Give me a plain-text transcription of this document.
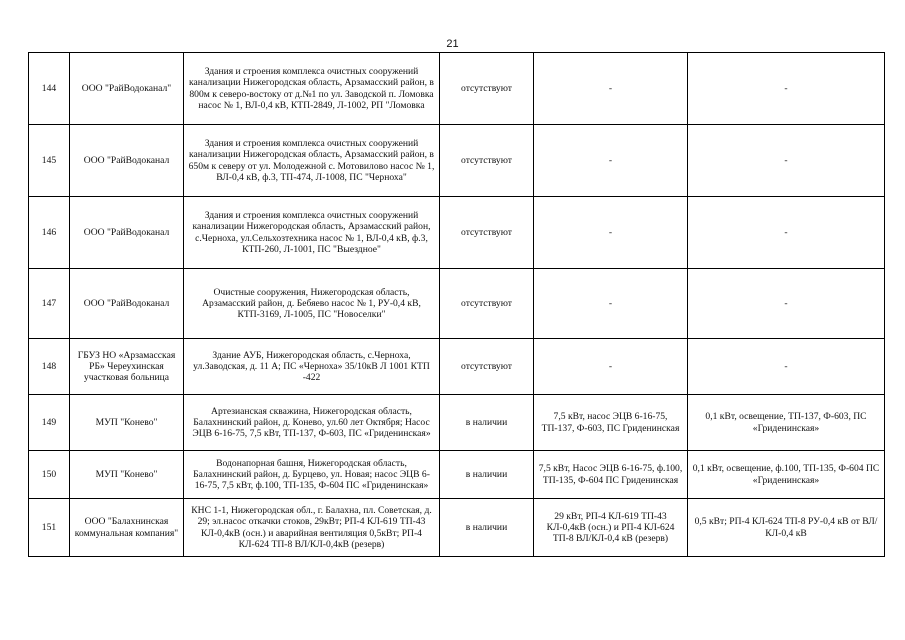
21
144	ООО "РайВодоканал"	Здания и строения комплекса очистных сооружений канализации Нижегородская область, Арзамасский район, в 800м к северо-востоку от д.№1 по ул. Заводской п. Ломовка насос № 1, ВЛ-0,4 кВ, КТП-2849, Л-1002, РП "Ломовка	отсутствуют	-	-
145	ООО "РайВодоканал	Здания и строения комплекса очистных сооружений канализации Нижегородская область, Арзамасский район, в 650м к северу от ул. Молодежной с. Мотовилово насос № 1, ВЛ-0,4 кВ, ф.3, ТП-474, Л-1008, ПС "Черноха"	отсутствуют	-	-
146	ООО "РайВодоканал	Здания и строения комплекса очистных сооружений канализации Нижегородская область, Арзамасский район, с.Черноха, ул.Сельхозтехника насос № 1, ВЛ-0,4 кВ, ф.3, КТП-260, Л-1001, ПС "Выездное"	отсутствуют	-	-
147	ООО "РайВодоканал	Очистные сооружения, Нижегородская область, Арзамасский район, д. Бебяево насос № 1, РУ-0,4 кВ, КТП-3169, Л-1005, ПС "Новоселки"	отсутствуют	-	-
148	ГБУЗ НО «Арзамасская РБ» Череухинская участковая больница	Здание АУБ, Нижегородская область, с.Черноха, ул.Заводская, д. 11 А; ПС «Черноха» 35/10кВ Л 1001 КТП -422	отсутствуют	-	-
149	МУП "Конево"	Артезианская скважина, Нижегородская область, Балахнинский район, д. Конево, ул.60 лет Октября; Насос ЭЦВ 6-16-75, 7,5 кВт, ТП-137, Ф-603, ПС «Гриденинская»	в наличии	7,5 кВт, насос ЭЦВ 6-16-75, ТП-137, Ф-603, ПС Гриденинская	0,1 кВт, освещение, ТП-137, Ф-603, ПС «Гриденинская»
150	МУП "Конево"	Водонапорная башня, Нижегородская область, Балахнинский район, д. Бурцево, ул. Новая; насос ЭЦВ 6-16-75, 7,5 кВт, ф.100, ТП-135, Ф-604 ПС «Гриденинская»	в наличии	7,5 кВт, Насос ЭЦВ 6-16-75, ф.100, ТП-135, Ф-604 ПС Гриденинская	0,1 кВт, освещение, ф.100, ТП-135, Ф-604 ПС «Гриденинская»
151	ООО "Балахнинская коммунальная компания"	КНС 1-1, Нижегородская обл., г. Балахна, пл. Советская, д. 29; эл.насос откачки стоков, 29кВт; РП-4 КЛ-619 ТП-43 КЛ-0,4кВ (осн.) и аварийная вентиляция 0,5кВт; РП-4 КЛ-624 ТП-8 ВЛ/КЛ-0,4кВ (резерв)	в наличии	29 кВт, РП-4 КЛ-619 ТП-43 КЛ-0,4кВ (осн.) и РП-4 КЛ-624 ТП-8 ВЛ/КЛ-0,4 кВ (резерв)	0,5 кВт; РП-4 КЛ-624 ТП-8 РУ-0,4 кВ от ВЛ/КЛ-0,4 кВ
